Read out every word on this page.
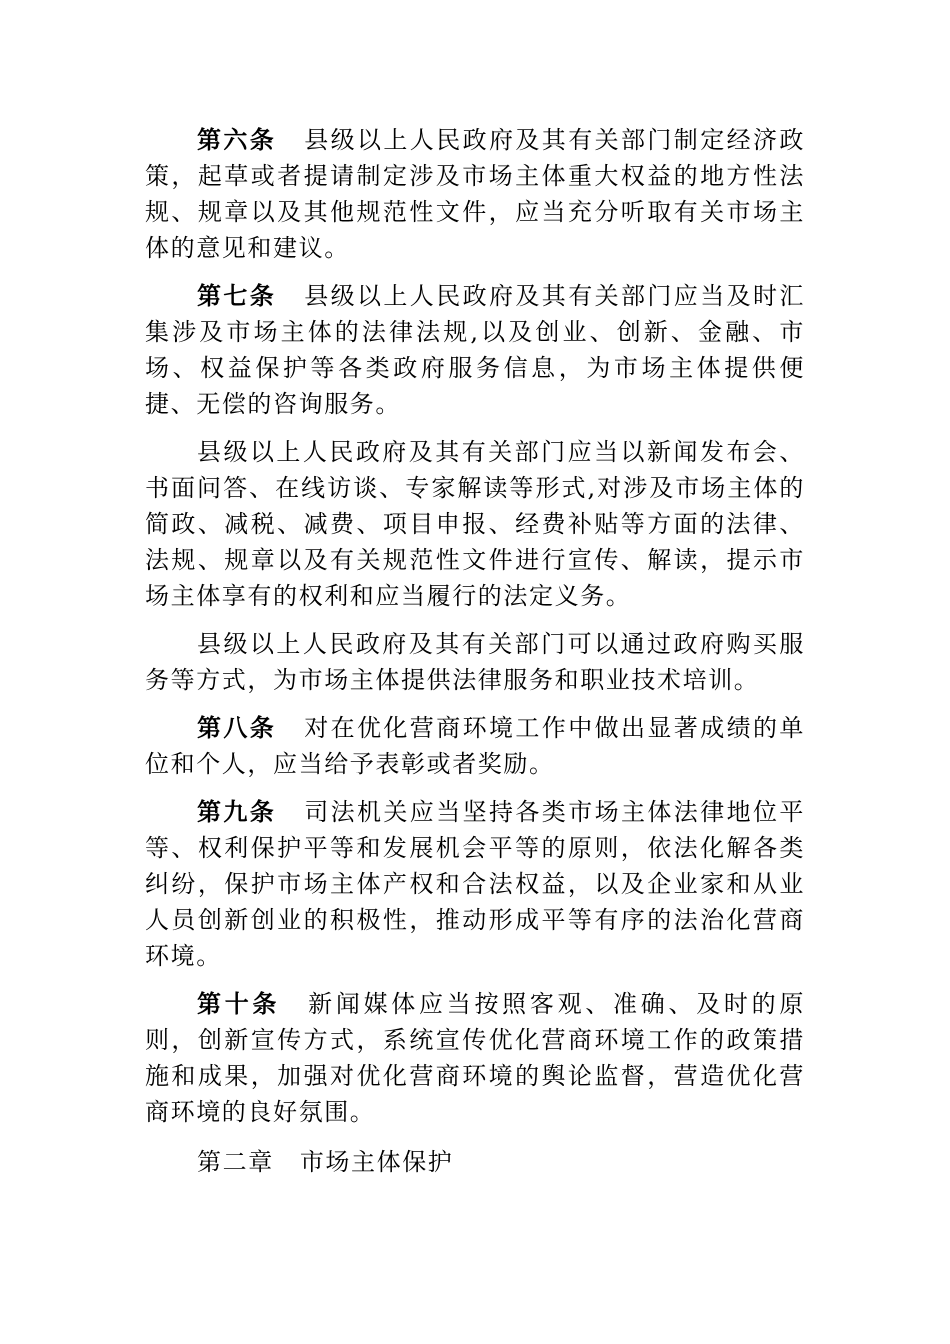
第六条 县级以上人民政府及其有关部门制定经济政策，起草或者提请制定涉及市场主体重大权益的地方性法规、规章以及其他规范性文件，应当充分听取有关市场主体的意见和建议。

第七条 县级以上人民政府及其有关部门应当及时汇集涉及市场主体的法律法规,以及创业、创新、金融、市场、权益保护等各类政府服务信息，为市场主体提供便捷、无偿的咨询服务。

县级以上人民政府及其有关部门应当以新闻发布会、书面问答、在线访谈、专家解读等形式,对涉及市场主体的简政、减税、减费、项目申报、经费补贴等方面的法律、法规、规章以及有关规范性文件进行宣传、解读，提示市场主体享有的权利和应当履行的法定义务。

县级以上人民政府及其有关部门可以通过政府购买服务等方式，为市场主体提供法律服务和职业技术培训。

第八条 对在优化营商环境工作中做出显著成绩的单位和个人，应当给予表彰或者奖励。

第九条 司法机关应当坚持各类市场主体法律地位平等、权利保护平等和发展机会平等的原则，依法化解各类纠纷，保护市场主体产权和合法权益，以及企业家和从业人员创新创业的积极性，推动形成平等有序的法治化营商环境。

第十条 新闻媒体应当按照客观、准确、及时的原则，创新宣传方式，系统宣传优化营商环境工作的政策措施和成果，加强对优化营商环境的舆论监督，营造优化营商环境的良好氛围。

第二章 市场主体保护
